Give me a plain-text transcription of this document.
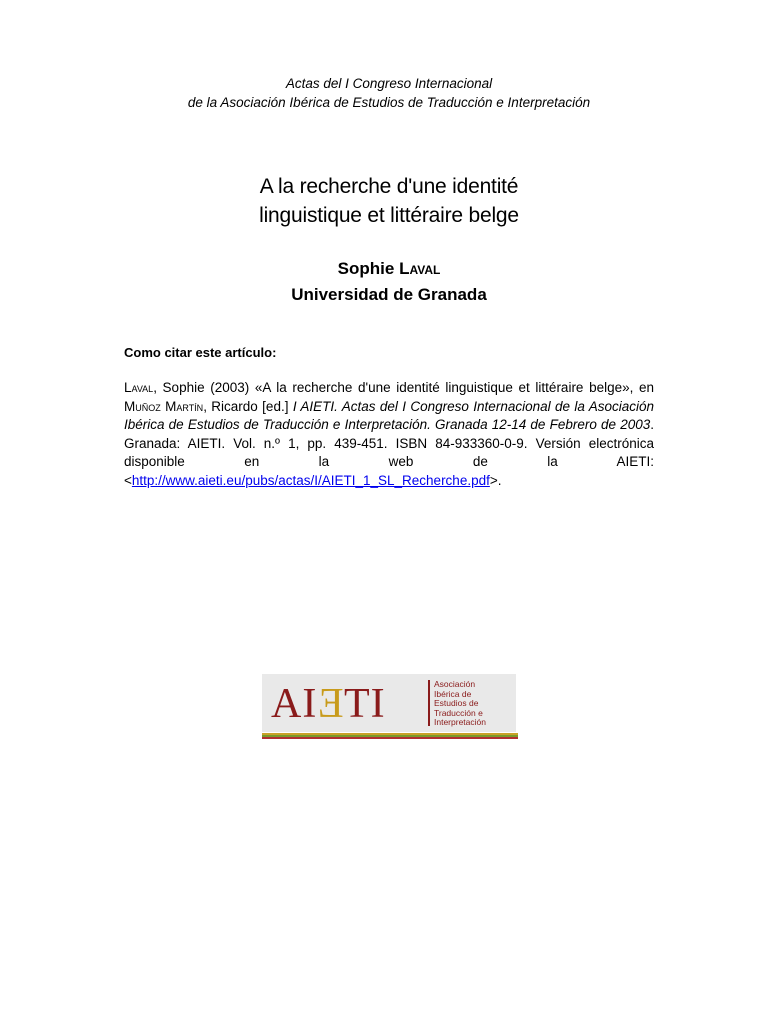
Actas del I Congreso Internacional
de la Asociación Ibérica de Estudios de Traducción e Interpretación
A la recherche d'une identité
linguistique et littéraire belge
Sophie Laval
Universidad de Granada
Como citar este artículo:
Laval, Sophie (2003) «A la recherche d'une identité linguistique et littéraire belge», en Muñoz Martín, Ricardo [ed.] I AIETI. Actas del I Congreso Internacional de la Asociación Ibérica de Estudios de Traducción e Interpretación. Granada 12-14 de Febrero de 2003. Granada: AIETI. Vol. n.º 1, pp. 439-451. ISBN 84-933360-0-9. Versión electrónica disponible en la web de la AIETI: <http://www.aieti.eu/pubs/actas/I/AIETI_1_SL_Recherche.pdf>.
AIETI	Asociación
Ibérica de
Estudios de
Traducción e
Interpretación
